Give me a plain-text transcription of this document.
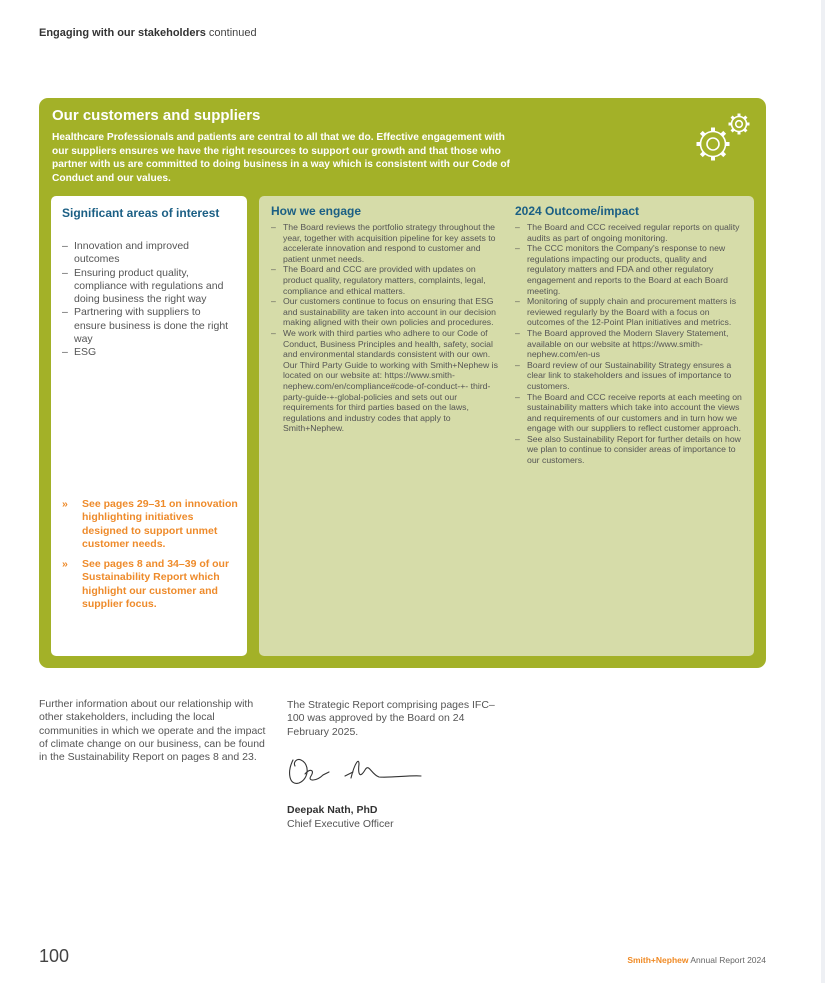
Engaging with our stakeholders continued
Our customers and suppliers
Healthcare Professionals and patients are central to all that we do. Effective engagement with our suppliers ensures we have the right resources to support our growth and that those who partner with us are committed to doing business in a way which is consistent with our Code of Conduct and our values.
Significant areas of interest
– Innovation and improved outcomes
– Ensuring product quality, compliance with regulations and doing business the right way
– Partnering with suppliers to ensure business is done the right way
– ESG
» See pages 29–31 on innovation highlighting initiatives designed to support unmet customer needs.
» See pages 8 and 34–39 of our Sustainability Report which highlight our customer and supplier focus.
How we engage
– The Board reviews the portfolio strategy throughout the year, together with acquisition pipeline for key assets to accelerate innovation and respond to customer and patient unmet needs.
– The Board and CCC are provided with updates on product quality, regulatory matters, complaints, legal, compliance and ethical matters.
– Our customers continue to focus on ensuring that ESG and sustainability are taken into account in our decision making aligned with their own policies and procedures.
– We work with third parties who adhere to our Code of Conduct, Business Principles and health, safety, social and environmental standards consistent with our own.
Our Third Party Guide to working with Smith+Nephew is located on our website at: https://www.smith-nephew.com/en/compliance#code-of-conduct-+- third-party-guide-+-global-policies and sets out our requirements for third parties based on the laws, regulations and industry codes that apply to Smith+Nephew.
2024 Outcome/impact
– The Board and CCC received regular reports on quality audits as part of ongoing monitoring.
– The CCC monitors the Company's response to new regulations impacting our products, quality and regulatory matters and FDA and other regulatory engagement and reports to the Board at each Board meeting.
– Monitoring of supply chain and procurement matters is reviewed regularly by the Board with a focus on outcomes of the 12-Point Plan initiatives and metrics.
– The Board approved the Modern Slavery Statement, available on our website at https://www.smith-nephew.com/en-us
– Board review of our Sustainability Strategy ensures a clear link to stakeholders and issues of importance to customers.
– The Board and CCC receive reports at each meeting on sustainability matters which take into account the views and requirements of our customers and in turn how we engage with our suppliers to reflect customer approach.
– See also Sustainability Report for further details on how we plan to continue to consider areas of importance to our customers.
Further information about our relationship with other stakeholders, including the local communities in which we operate and the impact of climate change on our business, can be found in the Sustainability Report on pages 8 and 23.
The Strategic Report comprising pages IFC–100 was approved by the Board on 24 February 2025.
Deepak Nath, PhD
Chief Executive Officer
100	Smith+Nephew Annual Report 2024
